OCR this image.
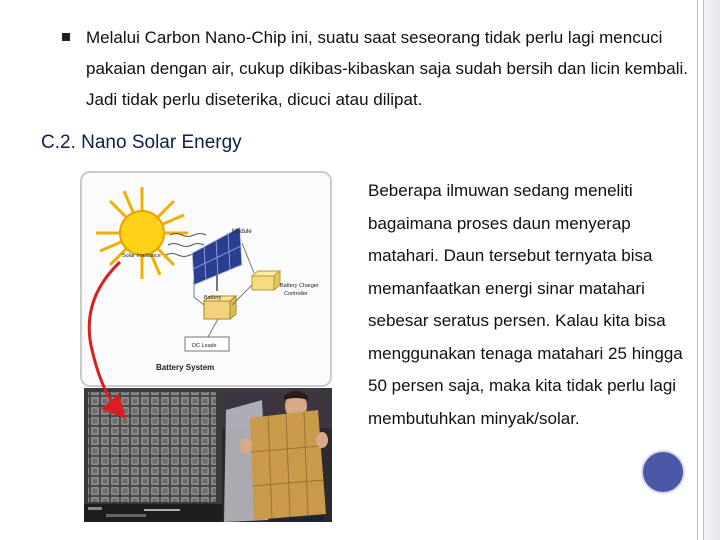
Melalui Carbon Nano-Chip ini, suatu saat seseorang tidak perlu lagi mencuci pakaian dengan air, cukup dikibas-kibaskan saja sudah bersih dan licin kembali. Jadi tidak perlu diseterika, dicuci atau dilipat.
C.2. Nano Solar Energy
Beberapa ilmuwan sedang meneliti bagaimana proses daun menyerap matahari. Daun tersebut ternyata bisa memanfaatkan energi sinar matahari sebesar seratus persen. Kalau kita bisa menggunakan tenaga matahari 25 hingga 50 persen saja, maka kita tidak perlu lagi membutuhkan minyak/solar.
Module
Solar Irradiance
Battery Charger
Controller
Battery
DC Loads
Battery System
